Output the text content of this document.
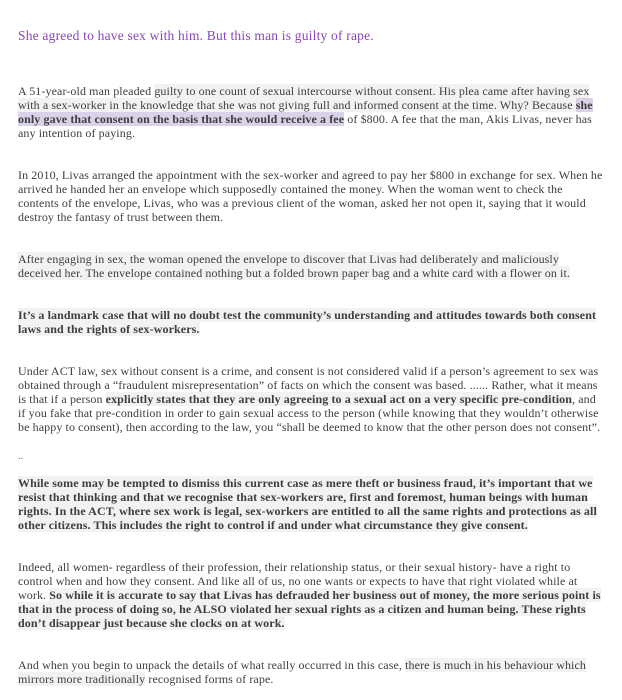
She agreed to have sex with him. But this man is guilty of rape.

A 51-year-old man pleaded guilty to one count of sexual intercourse without consent. His plea came after having sex with a sex-worker in the knowledge that she was not giving full and informed consent at the time. Why? Because she only gave that consent on the basis that she would receive a fee of $800. A fee that the man, Akis Livas, never has any intention of paying.

In 2010, Livas arranged the appointment with the sex-worker and agreed to pay her $800 in exchange for sex. When he arrived he handed her an envelope which supposedly contained the money. When the woman went to check the contents of the envelope, Livas, who was a previous client of the woman, asked her not open it, saying that it would destroy the fantasy of trust between them.

After engaging in sex, the woman opened the envelope to discover that Livas had deliberately and maliciously deceived her. The envelope contained nothing but a folded brown paper bag and a white card with a flower on it.

It’s a landmark case that will no doubt test the community’s understanding and attitudes towards both consent laws and the rights of sex-workers.

Under ACT law, sex without consent is a crime, and consent is not considered valid if a person’s agreement to sex was obtained through a “fraudulent misrepresentation” of facts on which the consent was based. ...... Rather, what it means is that if a person explicitly states that they are only agreeing to a sexual act on a very specific pre-condition, and if you fake that pre-condition in order to gain sexual access to the person (while knowing that they wouldn’t otherwise be happy to consent), then according to the law, you “shall be deemed to know that the other person does not consent”.

..

While some may be tempted to dismiss this current case as mere theft or business fraud, it’s important that we resist that thinking and that we recognise that sex-workers are, first and foremost, human beings with human rights. In the ACT, where sex work is legal, sex-workers are entitled to all the same rights and protections as all other citizens. This includes the right to control if and under what circumstance they give consent.

Indeed, all women- regardless of their profession, their relationship status, or their sexual history- have a right to control when and how they consent. And like all of us, no one wants or expects to have that right violated while at work. So while it is accurate to say that Livas has defrauded her business out of money, the more serious point is that in the process of doing so, he ALSO violated her sexual rights as a citizen and human being. These rights don’t disappear just because she clocks on at work.

And when you begin to unpack the details of what really occurred in this case, there is much in his behaviour which mirrors more traditionally recognised forms of rape.
